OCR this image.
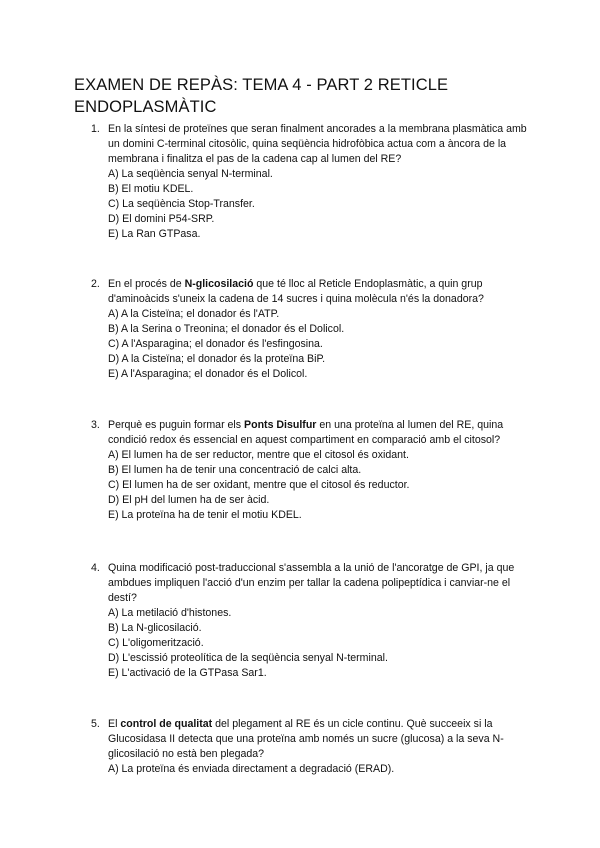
EXAMEN DE REPÀS: TEMA 4 - PART 2 RETICLE
ENDOPLASMÀTIC
1. En la síntesi de proteïnes que seran finalment ancorades a la membrana plasmàtica amb un domini C-terminal citosòlic, quina seqüència hidrofòbica actua com a àncora de la membrana i finalitza el pas de la cadena cap al lumen del RE?

A) La seqüència senyal N-terminal.
B) El motiu KDEL.
C) La seqüència Stop-Transfer.
D) El domini P54-SRP.
E) La Ran GTPasa.
2. En el procés de N-glicosilació que té lloc al Reticle Endoplasmàtic, a quin grup d'aminoàcids s'uneix la cadena de 14 sucres i quina molècula n'és la donadora?

A) A la Cisteïna; el donador és l'ATP.
B) A la Serina o Treonina; el donador és el Dolicol.
C) A l'Asparagina; el donador és l'esfingosina.
D) A la Cisteïna; el donador és la proteïna BiP.
E) A l'Asparagina; el donador és el Dolicol.
3. Perquè es puguin formar els Ponts Disulfur en una proteïna al lumen del RE, quina condició redox és essencial en aquest compartiment en comparació amb el citosol?

A) El lumen ha de ser reductor, mentre que el citosol és oxidant.
B) El lumen ha de tenir una concentració de calci alta.
C) El lumen ha de ser oxidant, mentre que el citosol és reductor.
D) El pH del lumen ha de ser àcid.
E) La proteïna ha de tenir el motiu KDEL.
4. Quina modificació post-traduccional s'assembla a la unió de l'ancoratge de GPI, ja que ambdues impliquen l'acció d'un enzim per tallar la cadena polipeptídica i canviar-ne el destí?

A) La metilació d'histones.
B) La N-glicosilació.
C) L'oligomerització.
D) L'escissió proteolítica de la seqüència senyal N-terminal.
E) L'activació de la GTPasa Sar1.
5. El control de qualitat del plegament al RE és un cicle continu. Què succeeix si la Glucosidasa II detecta que una proteïna amb només un sucre (glucosa) a la seva N-glicosilació no està ben plegada?

A) La proteïna és enviada directament a degradació (ERAD).
